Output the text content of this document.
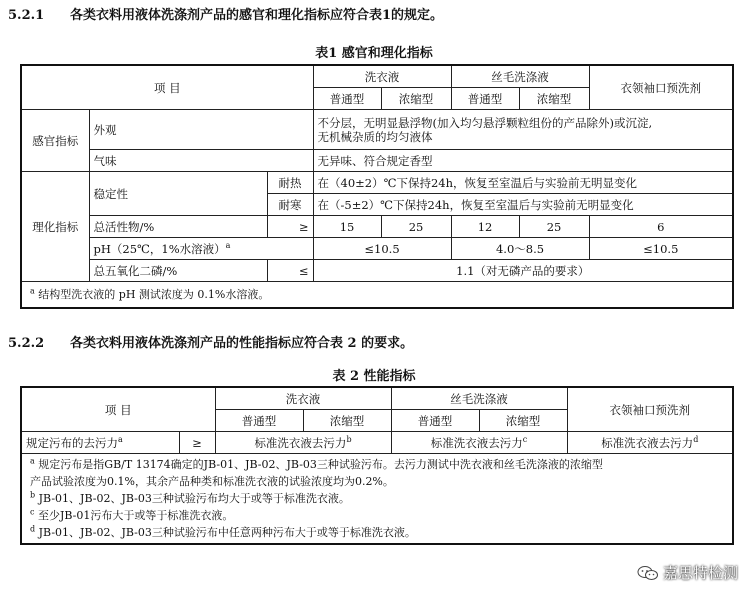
5.2.1 各类衣料用液体洗涤剂产品的感官和理化指标应符合表1的规定。
表1 感官和理化指标
项 目			洗衣液		丝毛洗涤液		衣领袖口预洗剂
			普通型	浓缩型	普通型	浓缩型	
感官指标	外观		不分层，无明显悬浮物(加入均匀悬浮颗粒组份的产品除外)或沉淀,
无机械杂质的均匀液体				

	气味		无异味、符合规定香型				
理化指标	稳定性	耐热	在（40±2）℃下保持24h，恢复至室温后与实验前无明显变化				
		耐寒	在（-5±2）℃下保持24h，恢复至室温后与实验前无明显变化				
	总活性物/%	≥	15	25	12	25	6
	pH（25℃，1%水溶液）$^a$		≤10.5		4.0～8.5		≤10.5
	总五氧化二磷/%	≤	1.1（对无磷产品的要求）				
$^a$ 结构型洗衣液的 pH 测试浓度为 0.1%水溶液。							
5.2.2 各类衣料用液体洗涤剂产品的性能指标应符合表 2 的要求。
表 2 性能指标
项 目		洗衣液		丝毛洗涤液		衣领袖口预洗剂
		普通型	浓缩型	普通型	浓缩型	
规定污布的去污力$^a$	≥	标准洗衣液去污力$^b$		标准洗衣液去污力$^c$		标准洗衣液去污力$^d$

$^a$ 规定污布是指GB/T 13174确定的JB-01、JB-02、JB-03三种试验污布。去污力测试中洗衣液和丝毛洗涤液的浓缩型
产品试验浓度为0.1%，其余产品种类和标准洗衣液的试验浓度均为0.2%。
$^b$ JB-01、JB-02、JB-03三种试验污布均大于或等于标准洗衣液。
$^c$ 至少JB-01污布大于或等于标准洗衣液。
$^d$ JB-01、JB-02、JB-03三种试验污布中任意两种污布大于或等于标准洗衣液。						
嘉思特检测
